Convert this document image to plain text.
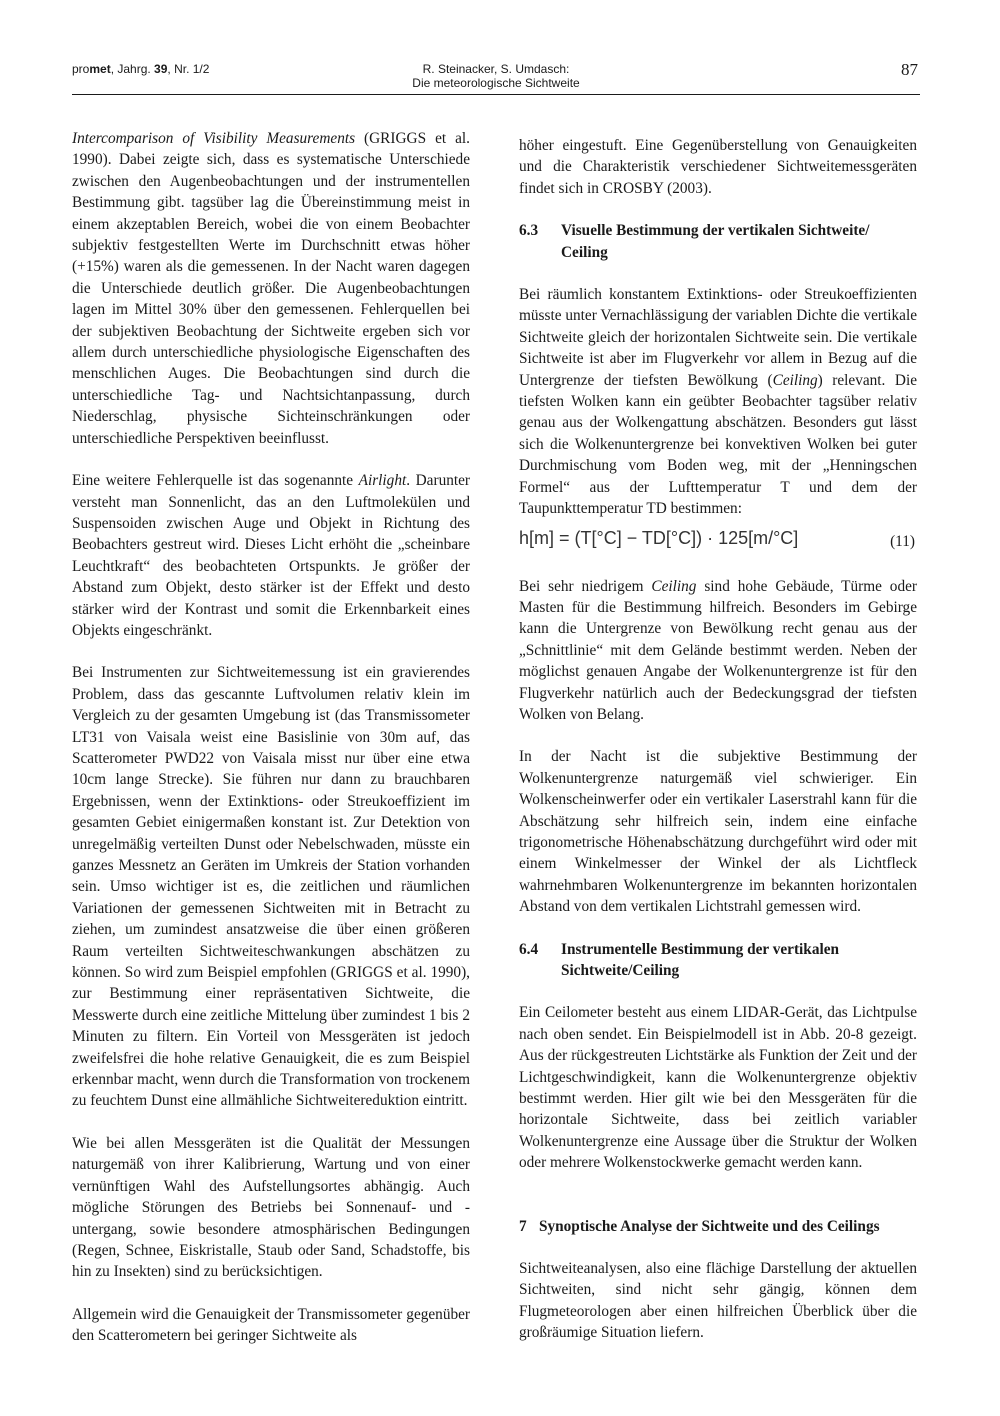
promet, Jahrg. 39, Nr. 1/2	R. Steinacker, S. Umdasch:
Die meteorologische Sichtweite
87

Intercomparison of Visibility Measurements (GRIGGS et al. 1990). Dabei zeigte sich, dass es systematische Unterschiede zwischen den Augenbeobachtungen und der instrumentellen Bestimmung gibt. tagsüber lag die Übereinstimmung meist in einem akzeptablen Bereich, wobei die von einem Beobachter subjektiv festgestellten Werte im Durchschnitt etwas höher (+15%) waren als die gemessenen. In der Nacht waren dagegen die Unterschiede deutlich größer. Die Augenbeobachtungen lagen im Mittel 30% über den gemessenen. Fehlerquellen bei der subjektiven Beobachtung der Sichtweite ergeben sich vor allem durch unterschiedliche physiologische Eigenschaften des menschlichen Auges. Die Beobachtungen sind durch die unterschiedliche Tag- und Nachtsichtanpassung, durch Niederschlag, physische Sichteinschränkungen oder unterschiedliche Perspektiven beeinflusst.

Eine weitere Fehlerquelle ist das sogenannte Airlight. Darunter versteht man Sonnenlicht, das an den Luftmolekülen und Suspensoiden zwischen Auge und Objekt in Richtung des Beobachters gestreut wird. Dieses Licht erhöht die „scheinbare Leuchtkraft“ des beobachteten Ortspunkts. Je größer der Abstand zum Objekt, desto stärker ist der Effekt und desto stärker wird der Kontrast und somit die Erkennbarkeit eines Objekts eingeschränkt.

Bei Instrumenten zur Sichtweitemessung ist ein gravierendes Problem, dass das gescannte Luftvolumen relativ klein im Vergleich zu der gesamten Umgebung ist (das Transmissometer LT31 von Vaisala weist eine Basislinie von 30m auf, das Scatterometer PWD22 von Vaisala misst nur über eine etwa 10cm lange Strecke). Sie führen nur dann zu brauchbaren Ergebnissen, wenn der Extinktions- oder Streukoeffizient im gesamten Gebiet einigermaßen konstant ist. Zur Detektion von unregelmäßig verteilten Dunst oder Nebelschwaden, müsste ein ganzes Messnetz an Geräten im Umkreis der Station vorhanden sein. Umso wichtiger ist es, die zeitlichen und räumlichen Variationen der gemessenen Sichtweiten mit in Betracht zu ziehen, um zumindest ansatzweise die über einen größeren Raum verteilten Sichtweiteschwankungen abschätzen zu können. So wird zum Beispiel empfohlen (GRIGGS et al. 1990), zur Bestimmung einer repräsentativen Sichtweite, die Messwerte durch eine zeitliche Mittelung über zumindest 1 bis 2 Minuten zu filtern. Ein Vorteil von Messgeräten ist jedoch zweifelsfrei die hohe relative Genauigkeit, die es zum Beispiel erkennbar macht, wenn durch die Transformation von trockenem zu feuchtem Dunst eine allmähliche Sichtweitereduktion eintritt.

Wie bei allen Messgeräten ist die Qualität der Messungen naturgemäß von ihrer Kalibrierung, Wartung und von einer vernünftigen Wahl des Aufstellungsortes abhängig. Auch mögliche Störungen des Betriebs bei Sonnenauf- und -untergang, sowie besondere atmosphärischen Bedingungen (Regen, Schnee, Eiskristalle, Staub oder Sand, Schadstoffe, bis hin zu Insekten) sind zu berücksichtigen.

Allgemein wird die Genauigkeit der Transmissometer gegenüber den Scatterometern bei geringer Sichtweite als

höher eingestuft. Eine Gegenüberstellung von Genauigkeiten und die Charakteristik verschiedener Sichtweitemessgeräten findet sich in CROSBY (2003).

6.3 Visuelle Bestimmung der vertikalen Sichtweite/ Ceiling

Bei räumlich konstantem Extinktions- oder Streukoeffizienten müsste unter Vernachlässigung der variablen Dichte die vertikale Sichtweite gleich der horizontalen Sichtweite sein. Die vertikale Sichtweite ist aber im Flugverkehr vor allem in Bezug auf die Untergrenze der tiefsten Bewölkung (Ceiling) relevant. Die tiefsten Wolken kann ein geübter Beobachter tagsüber relativ genau aus der Wolkengattung abschätzen. Besonders gut lässt sich die Wolkenuntergrenze bei konvektiven Wolken bei guter Durchmischung vom Boden weg, mit der „Henningschen Formel“ aus der Lufttemperatur T und dem der Taupunkttemperatur TD bestimmen:

h[m] = (T[°C] − TD[°C]) · 125[m/°C]	(11)

Bei sehr niedrigem Ceiling sind hohe Gebäude, Türme oder Masten für die Bestimmung hilfreich. Besonders im Gebirge kann die Untergrenze von Bewölkung recht genau aus der „Schnittlinie“ mit dem Gelände bestimmt werden. Neben der möglichst genauen Angabe der Wolkenuntergrenze ist für den Flugverkehr natürlich auch der Bedeckungsgrad der tiefsten Wolken von Belang.

In der Nacht ist die subjektive Bestimmung der Wolkenuntergrenze naturgemäß viel schwieriger. Ein Wolkenscheinwerfer oder ein vertikaler Laserstrahl kann für die Abschätzung sehr hilfreich sein, indem eine einfache trigonometrische Höhenabschätzung durchgeführt wird oder mit einem Winkelmesser der Winkel der als Lichtfleck wahrnehmbaren Wolkenuntergrenze im bekannten horizontalen Abstand von dem vertikalen Lichtstrahl gemessen wird.

6.4 Instrumentelle Bestimmung der vertikalen Sichtweite/Ceiling

Ein Ceilometer besteht aus einem LIDAR-Gerät, das Lichtpulse nach oben sendet. Ein Beispielmodell ist in Abb. 20-8 gezeigt. Aus der rückgestreuten Lichtstärke als Funktion der Zeit und der Lichtgeschwindigkeit, kann die Wolkenuntergrenze objektiv bestimmt werden. Hier gilt wie bei den Messgeräten für die horizontale Sichtweite, dass bei zeitlich variabler Wolkenuntergrenze eine Aussage über die Struktur der Wolken oder mehrere Wolkenstockwerke gemacht werden kann.

7 Synoptische Analyse der Sichtweite und des Ceilings

Sichtweiteanalysen, also eine flächige Darstellung der aktuellen Sichtweiten, sind nicht sehr gängig, können dem Flugmeteorologen aber einen hilfreichen Überblick über die großräumige Situation liefern.
